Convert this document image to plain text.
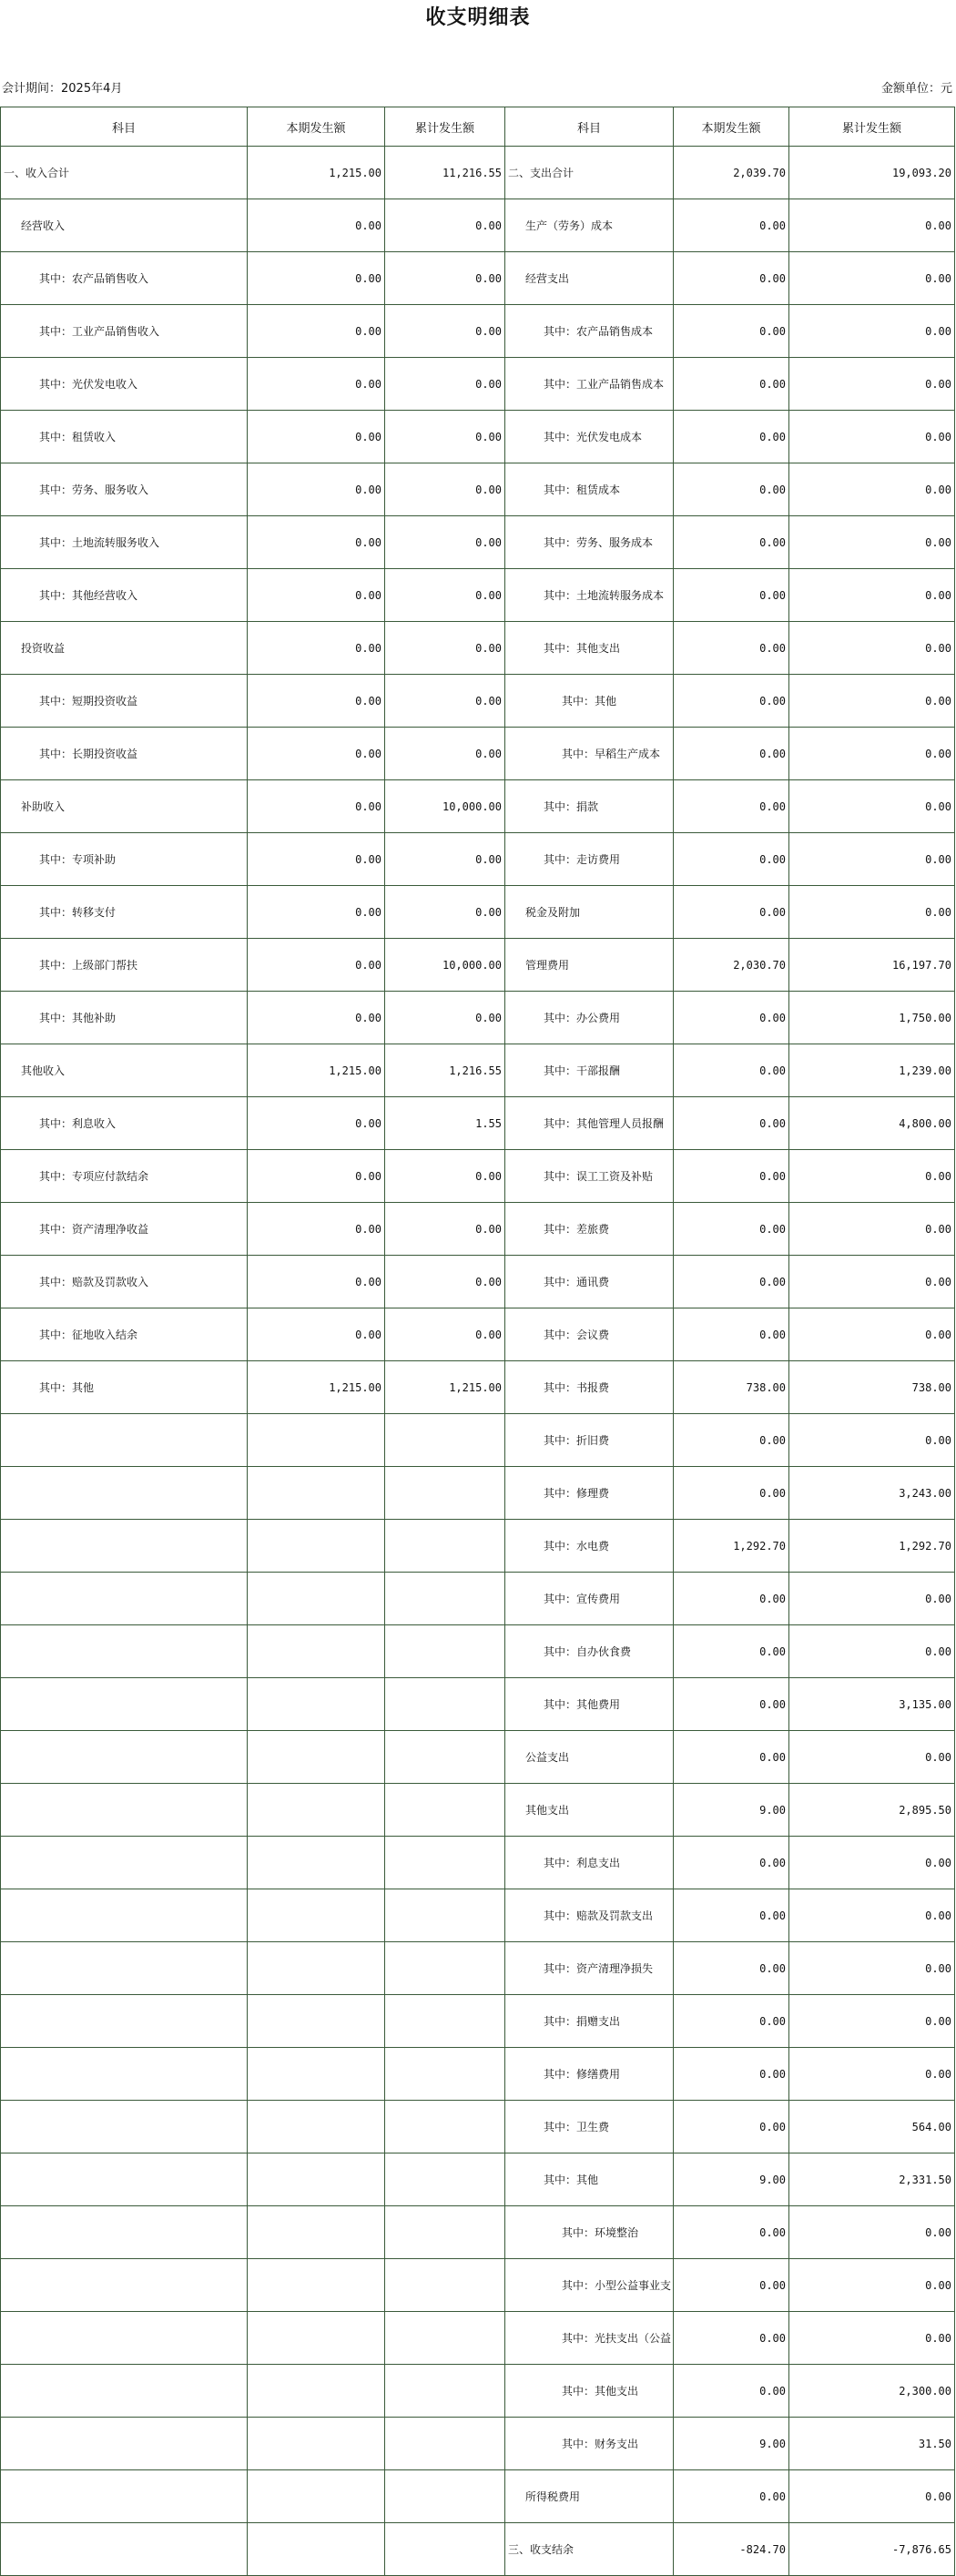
收支明细表
会计期间：2025年4月	金额单位：元
科目	本期发生额	累计发生额	科目	本期发生额	累计发生额
一、收入合计	1,215.00	11,216.55	二、支出合计	2,039.70	19,093.20
经营收入	0.00	0.00	生产（劳务）成本	0.00	0.00
其中：农产品销售收入	0.00	0.00	经营支出	0.00	0.00
其中：工业产品销售收入	0.00	0.00	其中：农产品销售成本	0.00	0.00
其中：光伏发电收入	0.00	0.00	其中：工业产品销售成本	0.00	0.00
其中：租赁收入	0.00	0.00	其中：光伏发电成本	0.00	0.00
其中：劳务、服务收入	0.00	0.00	其中：租赁成本	0.00	0.00
其中：土地流转服务收入	0.00	0.00	其中：劳务、服务成本	0.00	0.00
其中：其他经营收入	0.00	0.00	其中：土地流转服务成本	0.00	0.00
投资收益	0.00	0.00	其中：其他支出	0.00	0.00
其中：短期投资收益	0.00	0.00	其中：其他	0.00	0.00
其中：长期投资收益	0.00	0.00	其中：早稻生产成本	0.00	0.00
补助收入	0.00	10,000.00	其中：捐款	0.00	0.00
其中：专项补助	0.00	0.00	其中：走访费用	0.00	0.00
其中：转移支付	0.00	0.00	税金及附加	0.00	0.00
其中：上级部门帮扶	0.00	10,000.00	管理费用	2,030.70	16,197.70
其中：其他补助	0.00	0.00	其中：办公费用	0.00	1,750.00
其他收入	1,215.00	1,216.55	其中：干部报酬	0.00	1,239.00
其中：利息收入	0.00	1.55	其中：其他管理人员报酬	0.00	4,800.00
其中：专项应付款结余	0.00	0.00	其中：误工工资及补贴	0.00	0.00
其中：资产清理净收益	0.00	0.00	其中：差旅费	0.00	0.00
其中：赔款及罚款收入	0.00	0.00	其中：通讯费	0.00	0.00
其中：征地收入结余	0.00	0.00	其中：会议费	0.00	0.00
其中：其他	1,215.00	1,215.00	其中：书报费	738.00	738.00
			其中：折旧费	0.00	0.00
			其中：修理费	0.00	3,243.00
			其中：水电费	1,292.70	1,292.70
			其中：宣传费用	0.00	0.00
			其中：自办伙食费	0.00	0.00
			其中：其他费用	0.00	3,135.00
			公益支出	0.00	0.00
			其他支出	9.00	2,895.50
			其中：利息支出	0.00	0.00
			其中：赔款及罚款支出	0.00	0.00
			其中：资产清理净损失	0.00	0.00
			其中：捐赠支出	0.00	0.00
			其中：修缮费用	0.00	0.00
			其中：卫生费	0.00	564.00
			其中：其他	9.00	2,331.50
			其中：环境整治	0.00	0.00
			其中：小型公益事业支	0.00	0.00
			其中：光扶支出（公益	0.00	0.00
			其中：其他支出	0.00	2,300.00
			其中：财务支出	9.00	31.50
			所得税费用	0.00	0.00
			三、收支结余	-824.70	-7,876.65
